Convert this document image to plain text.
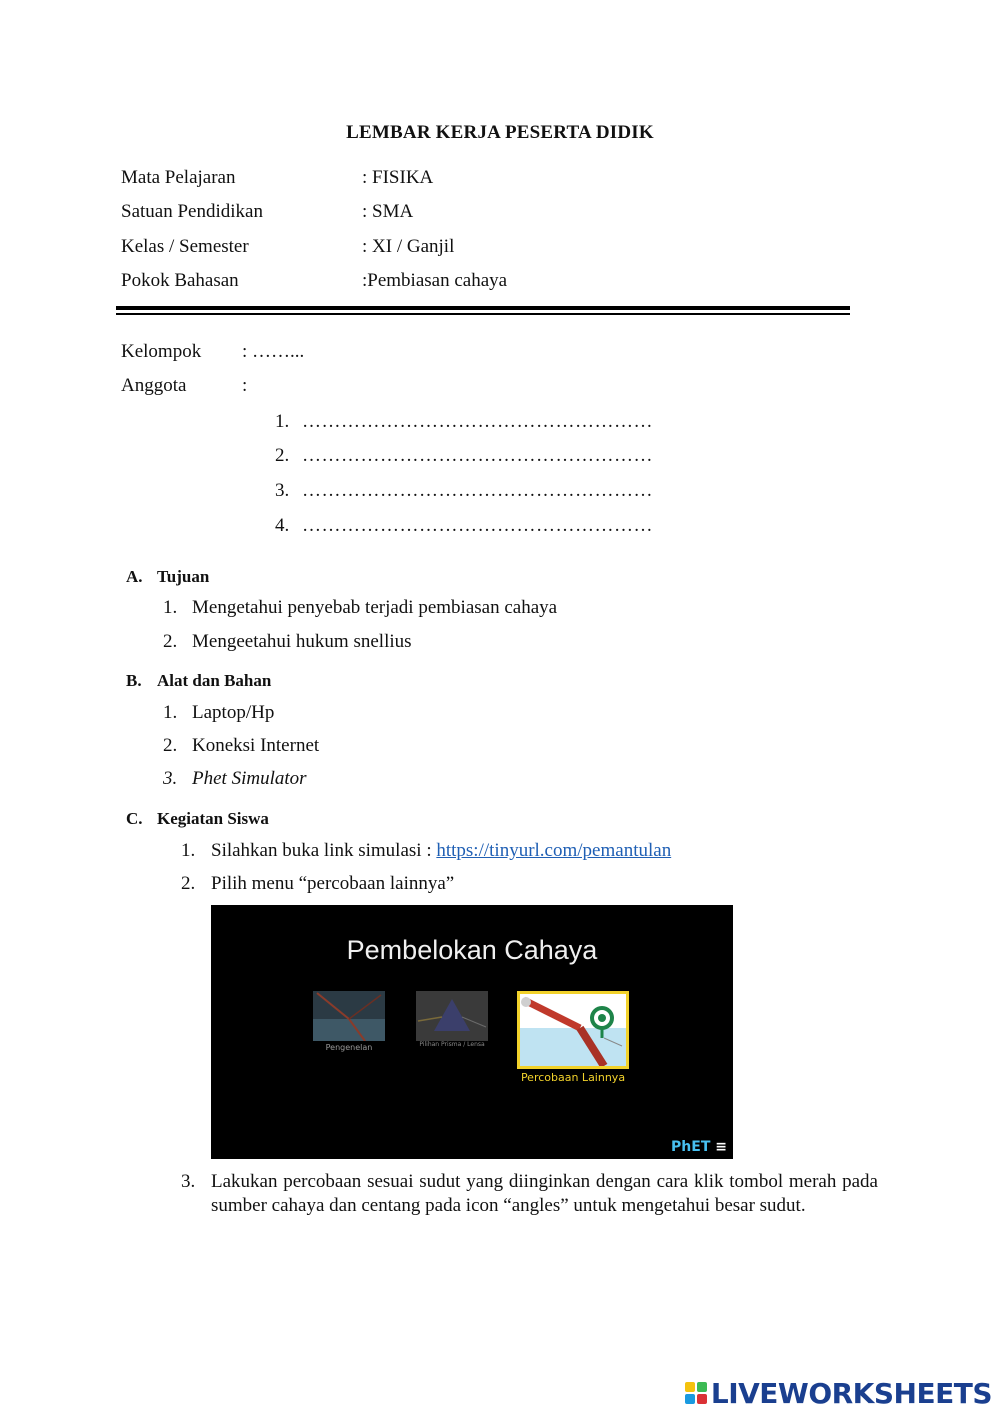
LEMBAR KERJA PESERTA DIDIK
Mata Pelajaran	: FISIKA
Satuan Pendidikan	: SMA
Kelas / Semester	: XI / Ganjil
Pokok Bahasan	:Pembiasan cahaya
Kelompok : ……...
Anggota	:
1. ………………………………………………
2. ………………………………………………
3. ………………………………………………
4. ………………………………………………
A. Tujuan
1. Mengetahui penyebab terjadi pembiasan cahaya
2. Mengeetahui hukum snellius
B. Alat dan Bahan
1. Laptop/Hp
2. Koneksi Internet
3. Phet Simulator
C. Kegiatan Siswa
1. Silahkan buka link simulasi : https://tinyurl.com/pemantulan
2. Pilih menu “percobaan lainnya”
Pembelokan Cahaya
Pengenelan	Pilihan Prisma / Lensa
Percobaan Lainnya
PhET ≡
3. Lakukan percobaan sesuai sudut yang diinginkan dengan cara klik tombol merah pada sumber cahaya dan centang pada icon “angles” untuk mengetahui besar sudut.
LIVEWORKSHEETS
